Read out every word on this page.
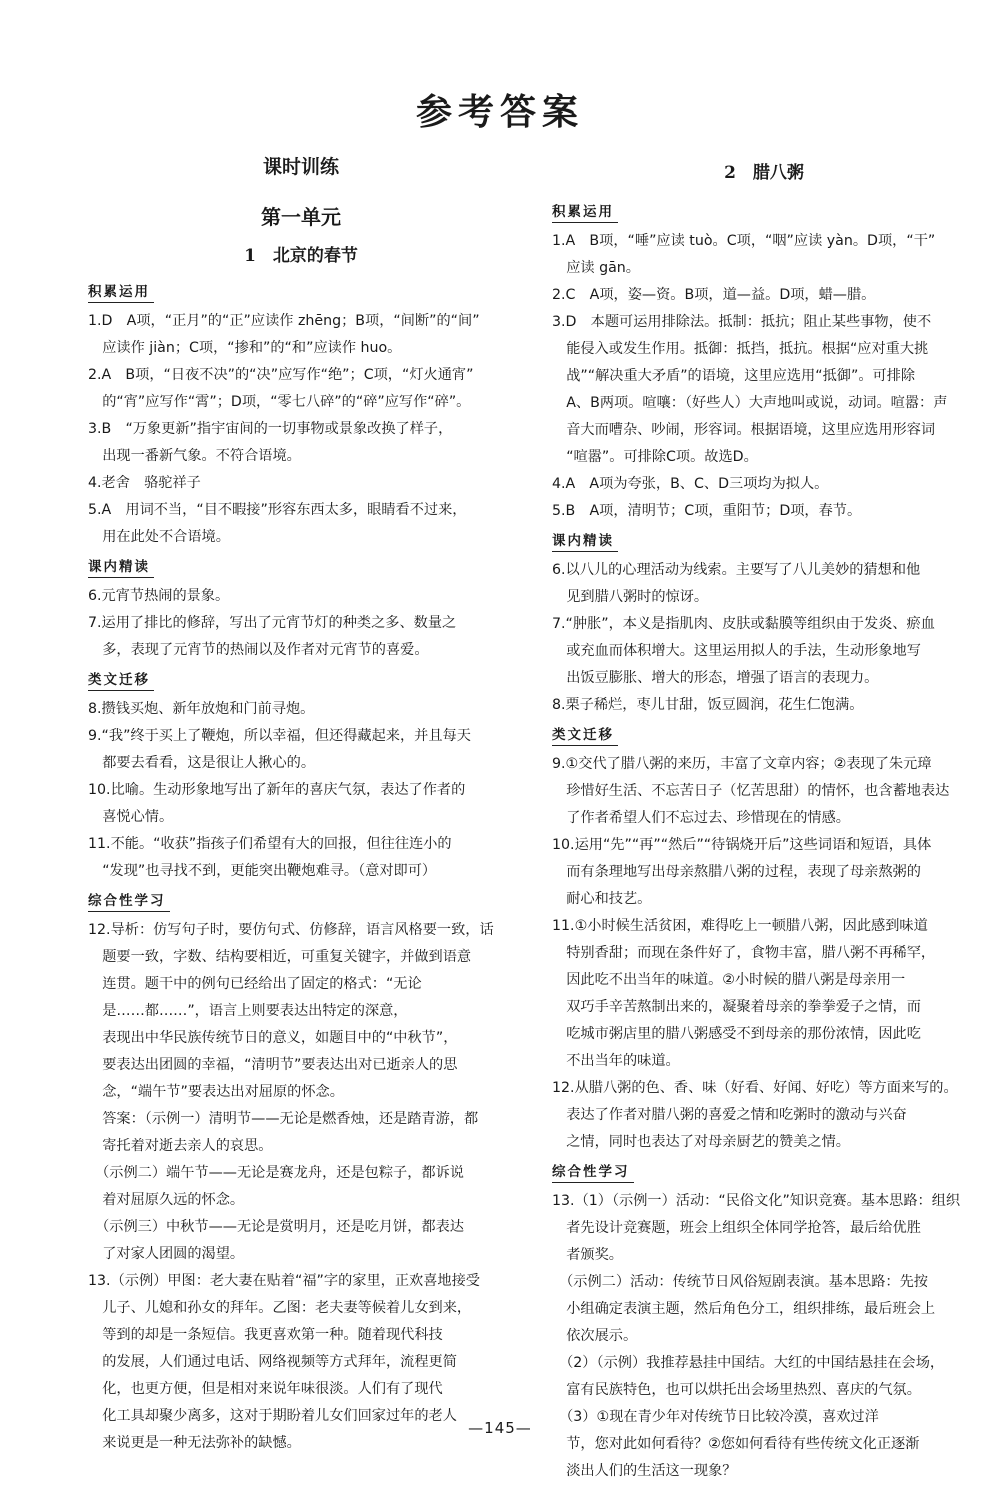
参考答案
课时训练
第一单元
1　北京的春节
积累运用
1.D　A项，“正月”的“正”应读作 zhēng；B项，“间断”的“间”
　应读作 jiàn；C项，“掺和”的“和”应读作 huo。
2.A　B项，“日夜不决”的“决”应写作“绝”；C项，“灯火通宵”
　的“宵”应写作“霄”；D项，“零七八碎”的“碎”应写作“碎”。
3.B　“万象更新”指宇宙间的一切事物或景象改换了样子，
　出现一番新气象。不符合语境。
4.老舍　骆驼祥子
5.A　用词不当，“目不暇接”形容东西太多，眼睛看不过来，
　用在此处不合语境。
课内精读
6.元宵节热闹的景象。
7.运用了排比的修辞，写出了元宵节灯的种类之多、数量之
　多，表现了元宵节的热闹以及作者对元宵节的喜爱。
类文迁移
8.攒钱买炮、新年放炮和门前寻炮。
9.“我”终于买上了鞭炮，所以幸福，但还得藏起来，并且每天
　都要去看看，这是很让人揪心的。
10.比喻。生动形象地写出了新年的喜庆气氛，表达了作者的
　喜悦心情。
11.不能。“收获”指孩子们希望有大的回报，但往往连小的
　“发现”也寻找不到，更能突出鞭炮难寻。（意对即可）
综合性学习
12.导析：仿写句子时，要仿句式、仿修辞，语言风格要一致，话
　题要一致，字数、结构要相近，可重复关键字，并做到语意
　连贯。题干中的例句已经给出了固定的格式：“无论
　是……都……”，语言上则要表达出特定的深意，
　表现出中华民族传统节日的意义，如题目中的“中秋节”，
　要表达出团圆的幸福，“清明节”要表达出对已逝亲人的思
　念，“端午节”要表达出对屈原的怀念。
　答案：（示例一）清明节——无论是燃香烛，还是踏青游，都
　寄托着对逝去亲人的哀思。
　（示例二）端午节——无论是赛龙舟，还是包粽子，都诉说
　着对屈原久远的怀念。
　（示例三）中秋节——无论是赏明月，还是吃月饼，都表达
　了对家人团圆的渴望。
13.（示例）甲图：老大妻在贴着“福”字的家里，正欢喜地接受
　儿子、儿媳和孙女的拜年。乙图：老夫妻等候着儿女到来，
　等到的却是一条短信。我更喜欢第一种。随着现代科技
　的发展，人们通过电话、网络视频等方式拜年，流程更简
　化，也更方便，但是相对来说年味很淡。人们有了现代
　化工具却聚少离多，这对于期盼着儿女们回家过年的老人
　来说更是一种无法弥补的缺憾。
2　腊八粥
积累运用
1.A　B项，“唾”应读 tuò。C项，“咽”应读 yàn。D项，“干”
　应读 gān。
2.C　A项，姿—资。B项，道—益。D项，蜡—腊。
3.D　本题可运用排除法。抵制：抵抗；阻止某些事物，使不
　能侵入或发生作用。抵御：抵挡，抵抗。根据“应对重大挑
　战”“解决重大矛盾”的语境，这里应选用“抵御”。可排除
　A、B两项。喧嚷：（好些人）大声地叫或说，动词。喧嚣：声
　音大而嘈杂、吵闹，形容词。根据语境，这里应选用形容词
　“喧嚣”。可排除C项。故选D。
4.A　A项为夸张，B、C、D三项均为拟人。
5.B　A项，清明节；C项，重阳节；D项，春节。
课内精读
6.以八儿的心理活动为线索。主要写了八儿美妙的猜想和他
　见到腊八粥时的惊讶。
7.“肿胀”，本义是指肌肉、皮肤或黏膜等组织由于发炎、瘀血
　或充血而体积增大。这里运用拟人的手法，生动形象地写
　出饭豆膨胀、增大的形态，增强了语言的表现力。
8.栗子稀烂，枣儿甘甜，饭豆圆润，花生仁饱满。
类文迁移
9.①交代了腊八粥的来历，丰富了文章内容；②表现了朱元璋
　珍惜好生活、不忘苦日子（忆苦思甜）的情怀，也含蓄地表达
　了作者希望人们不忘过去、珍惜现在的情感。
10.运用“先”“再”“然后”“待锅烧开后”这些词语和短语，具体
　而有条理地写出母亲熬腊八粥的过程，表现了母亲熬粥的
　耐心和技艺。
11.①小时候生活贫困，难得吃上一顿腊八粥，因此感到味道
　特别香甜；而现在条件好了，食物丰富，腊八粥不再稀罕，
　因此吃不出当年的味道。②小时候的腊八粥是母亲用一
　双巧手辛苦熬制出来的，凝聚着母亲的拳拳爱子之情，而
　吃城市粥店里的腊八粥感受不到母亲的那份浓情，因此吃
　不出当年的味道。
12.从腊八粥的色、香、味（好看、好闻、好吃）等方面来写的。
　表达了作者对腊八粥的喜爱之情和吃粥时的激动与兴奋
　之情，同时也表达了对母亲厨艺的赞美之情。
综合性学习
13.（1）（示例一）活动：“民俗文化”知识竞赛。基本思路：组织
　者先设计竞赛题，班会上组织全体同学抢答，最后给优胜
　者颁奖。
　（示例二）活动：传统节日风俗短剧表演。基本思路：先按
　小组确定表演主题，然后角色分工，组织排练，最后班会上
　依次展示。
　（2）（示例）我推荐悬挂中国结。大红的中国结悬挂在会场，
　富有民族特色，也可以烘托出会场里热烈、喜庆的气氛。
　（3）①现在青少年对传统节日比较冷漠，喜欢过洋
　节，您对此如何看待？②您如何看待有些传统文化正逐渐
　淡出人们的生活这一现象？
—145—
